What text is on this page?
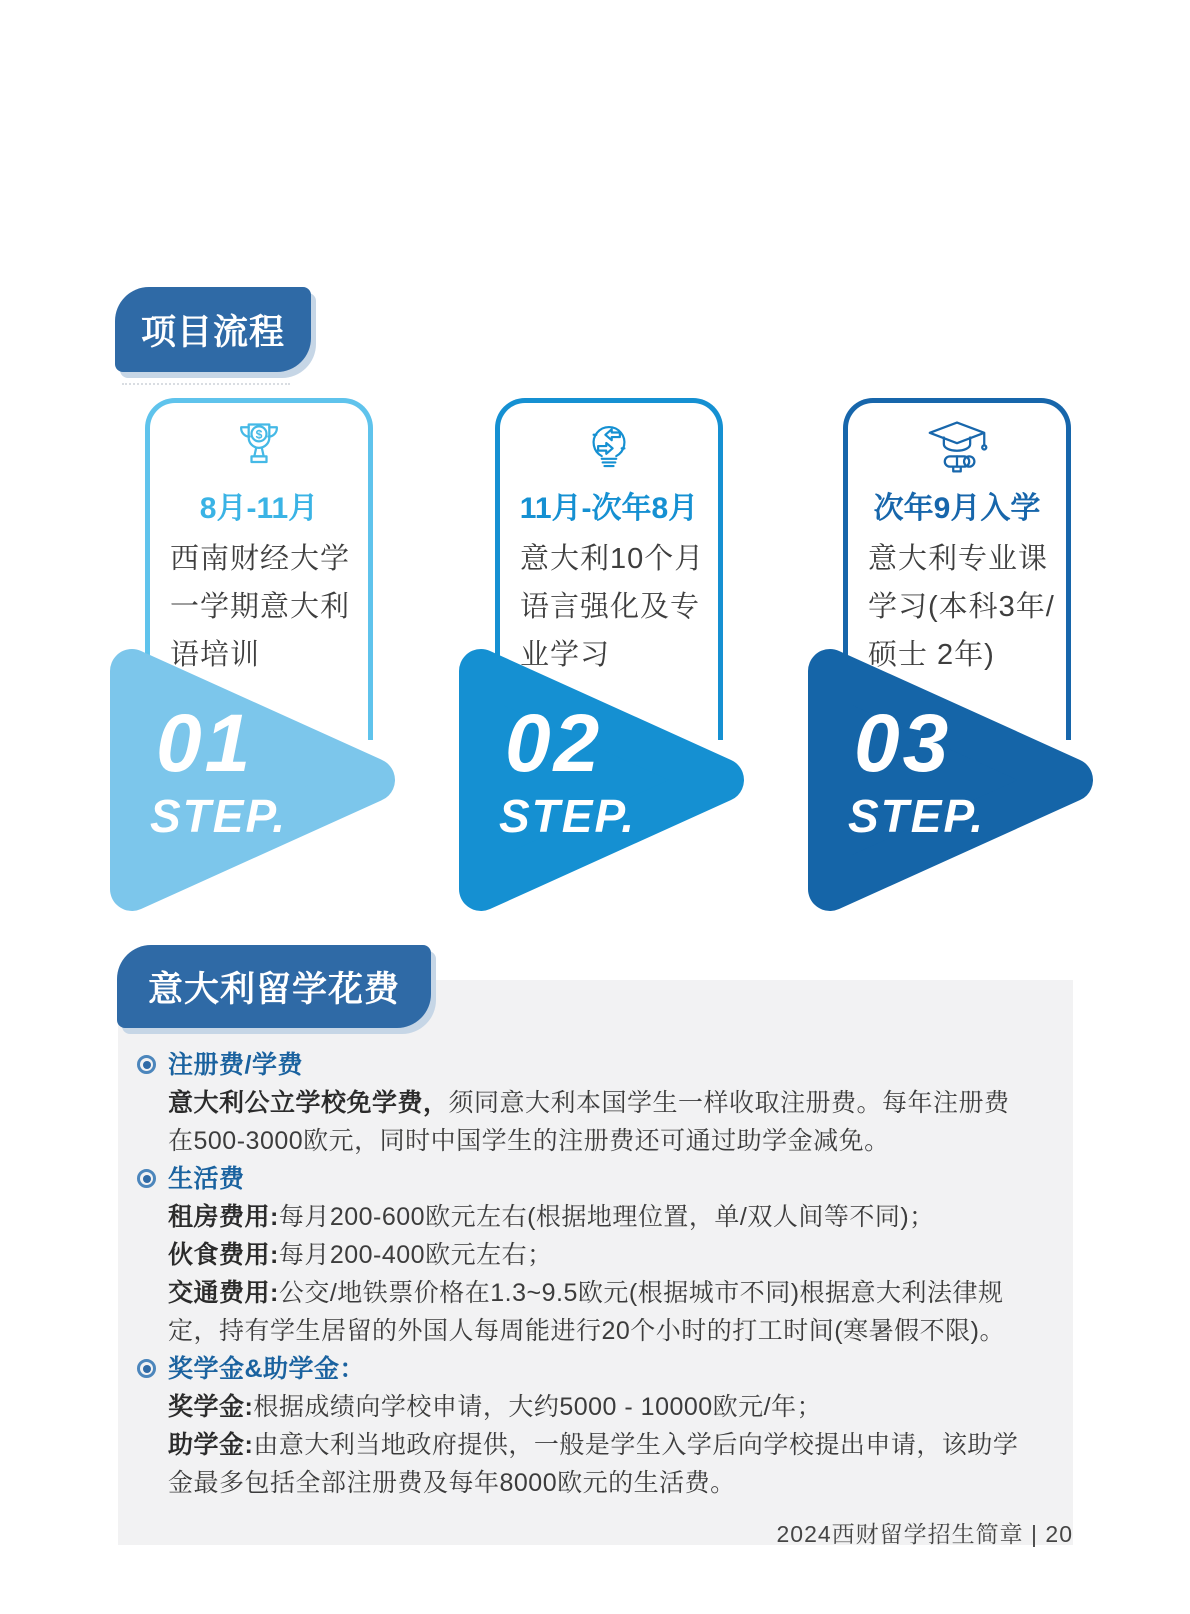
项目流程
$
8月-11月
西南财经大学一学期意大利语培训
11月-次年8月
意大利10个月语言强化及专业学习
次年9月入学
意大利专业课学习(本科3年/硕士 2年)
01
STEP.
02
STEP.
03
STEP.
意大利留学花费
注册费/学费
意大利公立学校免学费，须同意大利本国学生一样收取注册费。每年注册费在500-3000欧元，同时中国学生的注册费还可通过助学金减免。
生活费
租房费用:每月200-600欧元左右(根据地理位置，单/双人间等不同)；
伙食费用:每月200-400欧元左右；
交通费用:公交/地铁票价格在1.3~9.5欧元(根据城市不同)根据意大利法律规定，持有学生居留的外国人每周能进行20个小时的打工时间(寒暑假不限)。
奖学金&助学金：
奖学金:根据成绩向学校申请，大约5000 - 10000欧元/年；
助学金:由意大利当地政府提供，一般是学生入学后向学校提出申请，该助学金最多包括全部注册费及每年8000欧元的生活费。
2024西财留学招生简章 | 20
